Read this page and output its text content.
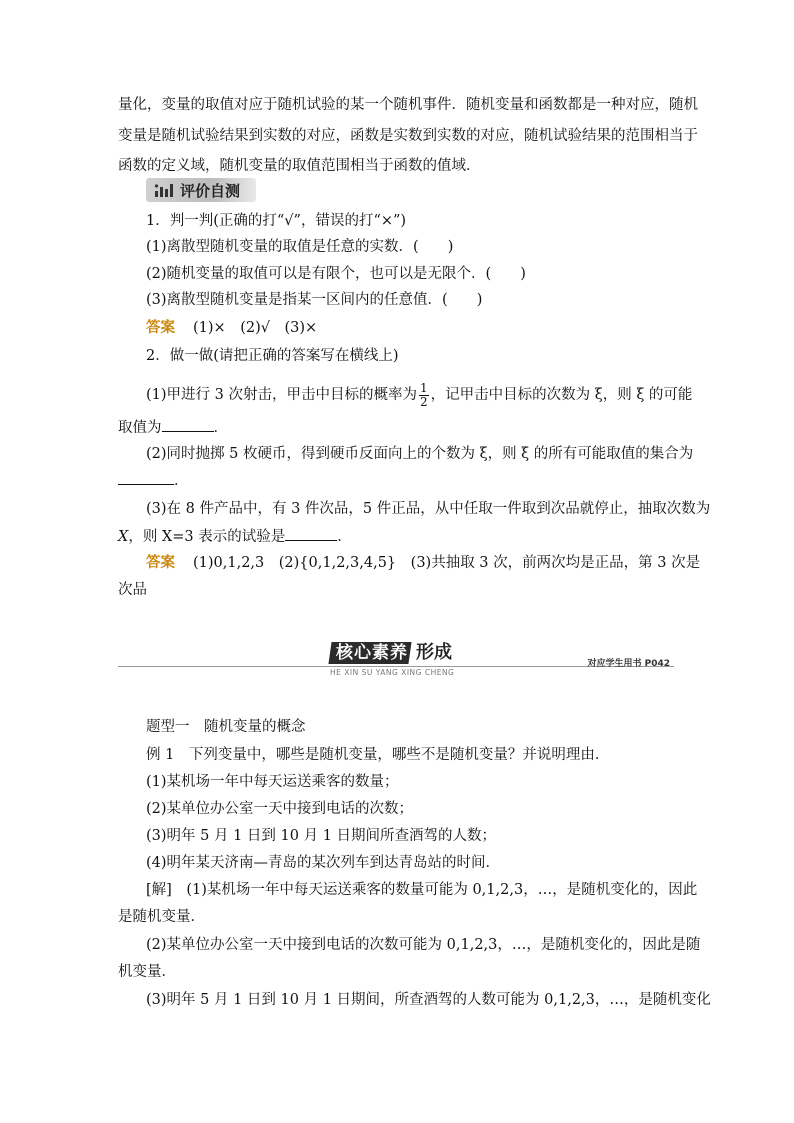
量化，变量的取值对应于随机试验的某一个随机事件．随机变量和函数都是一种对应，随机
变量是随机试验结果到实数的对应，函数是实数到实数的对应，随机试验结果的范围相当于
函数的定义域，随机变量的取值范围相当于函数的值域．
评价自测
1．判一判(正确的打“√”，错误的打“×”)
(1)离散型随机变量的取值是任意的实数．(　　)
(2)随机变量的取值可以是有限个，也可以是无限个．(　　)
(3)离散型随机变量是指某一区间内的任意值．(　　)
答案 (1)×　(2)√　(3)×
2．做一做(请把正确的答案写在横线上)
(1)甲进行 3 次射击，甲击中目标的概率为 $\frac{1}{2}$ ，记甲击中目标的次数为 ξ，则 ξ 的可能
取值为	．
(2)同时抛掷 5 枚硬币，得到硬币反面向上的个数为 ξ，则 ξ 的所有可能取值的集合为
．
(3)在 8 件产品中，有 3 件次品，5 件正品，从中任取一件取到次品就停止，抽取次数为
X，则 X=3 表示的试验是	．
答案 (1)0,1,2,3　(2){0,1,2,3,4,5}　(3)共抽取 3 次，前两次均是正品，第 3 次是
次品
核心素养 形成
HE XIN SU YANG XING CHENG
对应学生用书 P042
题型一　随机变量的概念
例 1　下列变量中，哪些是随机变量，哪些不是随机变量？并说明理由．
(1)某机场一年中每天运送乘客的数量；
(2)某单位办公室一天中接到电话的次数；
(3)明年 5 月 1 日到 10 月 1 日期间所查酒驾的人数；
(4)明年某天济南—青岛的某次列车到达青岛站的时间．
[解]　(1)某机场一年中每天运送乘客的数量可能为 0,1,2,3，…，是随机变化的，因此
是随机变量．
(2)某单位办公室一天中接到电话的次数可能为 0,1,2,3，…，是随机变化的，因此是随
机变量．
(3)明年 5 月 1 日到 10 月 1 日期间，所查酒驾的人数可能为 0,1,2,3，…，是随机变化
